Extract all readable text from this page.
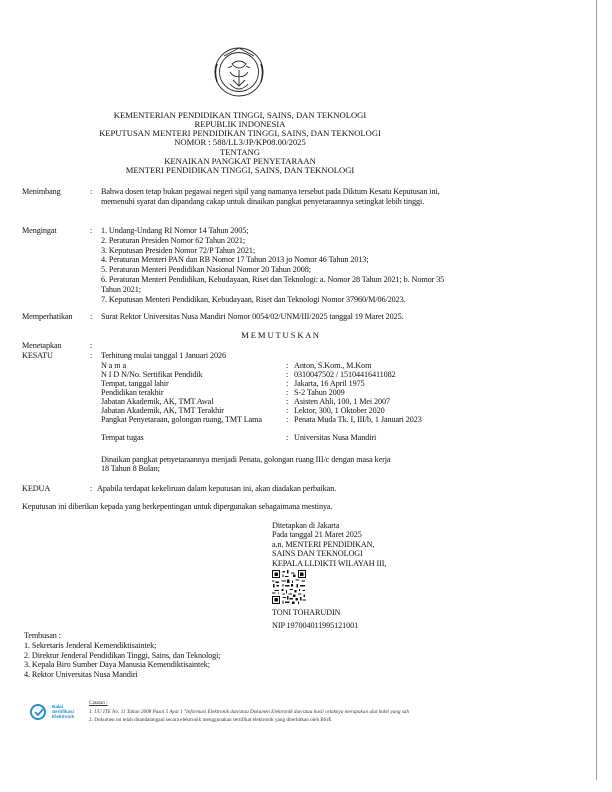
KEMENTERIAN PENDIDIKAN TINGGI, SAINS, DAN TEKNOLOGI
REPUBLIK INDONESIA
KEPUTUSAN MENTERI PENDIDIKAN TINGGI, SAINS, DAN TEKNOLOGI
NOMOR : 588/LL3/JP/KP08.00/2025
TENTANG
KENAIKAN PANGKAT PENYETARAAN
MENTERI PENDIDIKAN TINGGI, SAINS, DAN TEKNOLOGI
Menimbang	: Bahwa dosen tetap bukan pegawai negeri sipil yang namanya tersebut pada Diktum Kesatu Keputusan ini, memenuhi syarat dan dipandang cakap untuk dinaikan pangkat penyetaraannya setingkat lebih tinggi.
Mengingat	: 1. Undang-Undang RI Nomor 14 Tahun 2005;
2. Peraturan Presiden Nomor 62 Tahun 2021;
3. Keputusan Presiden Nomor 72/P Tahun 2021;
4. Peraturan Menteri PAN dan RB Nomor 17 Tahun 2013 jo Nomor 46 Tahun 2013;
5. Peraturan Menteri Pendidikan Nasional Nomor 20 Tahun 2008;
6. Peraturan Menteri Pendidikan, Kebudayaan, Riset dan Teknologi: a. Nomor 28 Tahun 2021; b. Nomor 35 Tahun 2021;
7. Keputusan Menteri Pendidikan, Kebudayaan, Riset dan Teknologi Nomor 37960/M/06/2023.
Memperhatikan : Surat Rektor Universitas Nusa Mandiri Nomor 0054/02/UNM/III/2025 tanggal 19 Maret 2025.
M E M U T U S K A N
Menetapkan	:
KESATU	: Terhitung mulai tanggal 1 Januari 2026
N a m a	: Anton, S.Kom., M.Kom
N I D N/No. Sertifikat Pendidik	: 0310047502 / 15104416411082
Tempat, tanggal lahir	: Jakarta, 16 April 1975
Pendidikan terakhir	: S-2 Tahun 2009
Jabatan Akademik, AK, TMT Awal	: Asisten Ahli, 100, 1 Mei 2007
Jabatan Akademik, AK, TMT Terakhir	: Lektor, 300, 1 Oktober 2020
Pangkat Penyetaraan, golongan ruang, TMT Lama	: Penata Muda Tk. I, III/b, 1 Januari 2023
Tempat tugas	: Universitas Nusa Mandiri
Dinaikan pangkat penyetaraannya menjadi Penata, golongan ruang III/c dengan masa kerja
18 Tahun 8 Bulan;
KEDUA	: Apabila terdapat kekeliruan dalam keputusan ini, akan diadakan perbaikan.
Keputusan ini diberikan kepada yang berkepentingan untuk dipergunakan sebagaimana mestinya.
Ditetapkan di Jakarta
Pada tanggal 21 Maret 2025
a.n. MENTERI PENDIDIKAN,
SAINS DAN TEKNOLOGI
KEPALA LLDIKTI WILAYAH III,
TONI TOHARUDIN
NIP 197004011995121001
Tembusan :
1. Sekretaris Jenderal Kemendiktisaintek;
2. Direktur Jenderal Pendidikan Tinggi, Sains, dan Teknologi;
3. Kepala Biro Sumber Daya Manusia Kemendiktisaintek;
4. Rektor Universitas Nusa Mandiri
Balai Sertifikasi Elektronik
Catatan :
1. UU ITE No. 11 Tahun 2008 Pasal 5 Ayat 1 "Informasi Elektronik dan/atau Dokumen Elektronik dan/atau hasil cetaknya merupakan alat bukti yang sah
2. Dokumen ini telah ditandatangani secara elektronik menggunakan sertifikat elektronik yang diterbitkan oleh BSrE
